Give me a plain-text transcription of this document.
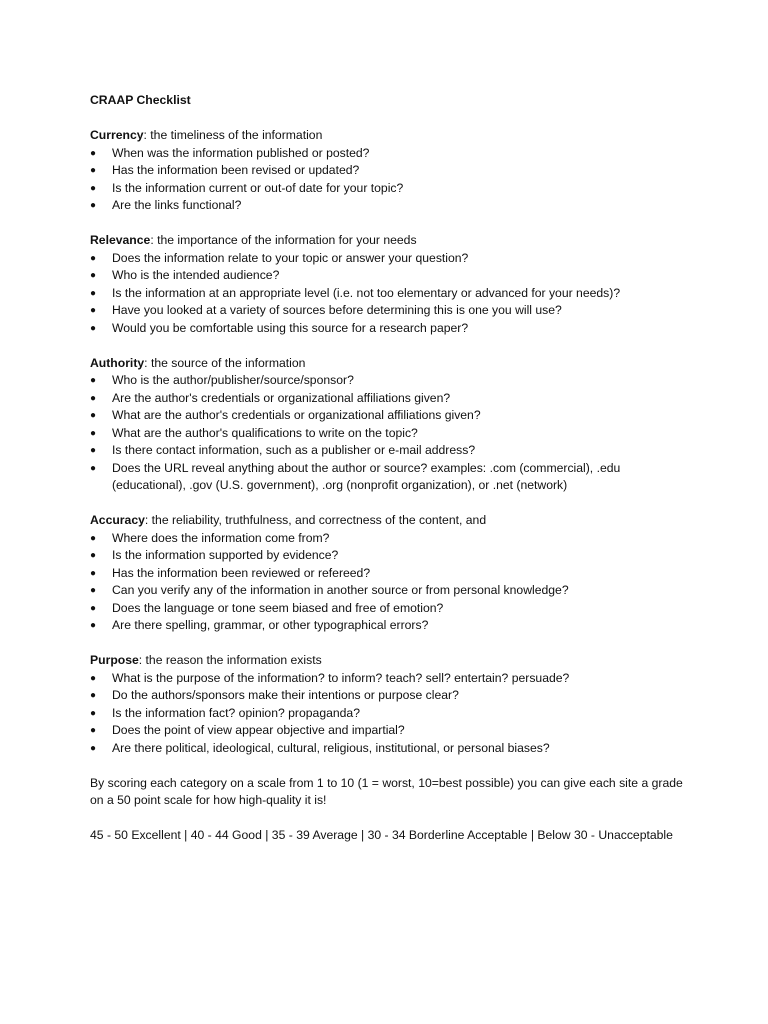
CRAAP Checklist

Currency: the timeliness of the information

● When was the information published or posted?
● Has the information been revised or updated?
● Is the information current or out-of date for your topic?
● Are the links functional?

Relevance: the importance of the information for your needs

● Does the information relate to your topic or answer your question?
● Who is the intended audience?
● Is the information at an appropriate level (i.e. not too elementary or advanced for your needs)?
● Have you looked at a variety of sources before determining this is one you will use?
● Would you be comfortable using this source for a research paper?

Authority: the source of the information

● Who is the author/publisher/source/sponsor?
● Are the author's credentials or organizational affiliations given?
● What are the author's credentials or organizational affiliations given?
● What are the author's qualifications to write on the topic?
● Is there contact information, such as a publisher or e-mail address?
● Does the URL reveal anything about the author or source? examples: .com (commercial), .edu (educational), .gov (U.S. government), .org (nonprofit organization), or .net (network)

Accuracy: the reliability, truthfulness, and correctness of the content, and

● Where does the information come from?
● Is the information supported by evidence?
● Has the information been reviewed or refereed?
● Can you verify any of the information in another source or from personal knowledge?
● Does the language or tone seem biased and free of emotion?
● Are there spelling, grammar, or other typographical errors?

Purpose: the reason the information exists

● What is the purpose of the information? to inform? teach? sell? entertain? persuade?
● Do the authors/sponsors make their intentions or purpose clear?
● Is the information fact? opinion? propaganda?
● Does the point of view appear objective and impartial?
● Are there political, ideological, cultural, religious, institutional, or personal biases?

By scoring each category on a scale from 1 to 10 (1 = worst, 10=best possible) you can give each site a grade on a 50 point scale for how high-quality it is!

45 - 50 Excellent | 40 - 44 Good | 35 - 39 Average | 30 - 34 Borderline Acceptable | Below 30 - Unacceptable
